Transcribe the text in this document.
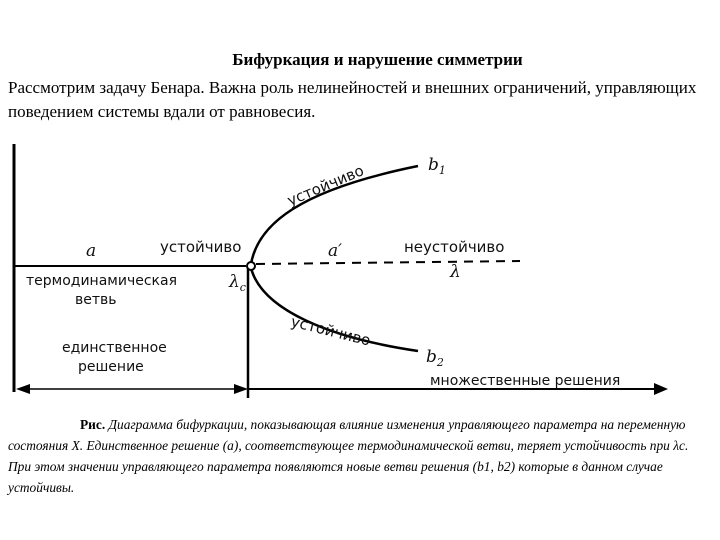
Бифуркация и нарушение симметрии
Рассмотрим задачу Бенара. Важна роль нелинейностей и внешних ограничений, управляющих поведением системы вдали от равновесия.
устойчиво	$b_1$
a	устойчиво	a′	неустойчиво
λ
термодинамическая
ветвь
$\lambda_c$
устойчиво
$b_2$
единственное
решение
множественные решения
Рис. Диаграмма бифуркации, показывающая влияние изменения управляющего параметра на переменную состояния X. Единственное решение (a), соответствующее термодинамической ветви, теряет устойчивость при λc. При этом значении управляющего параметра появляются новые ветви решения (b1, b2) которые в данном случае устойчивы.
